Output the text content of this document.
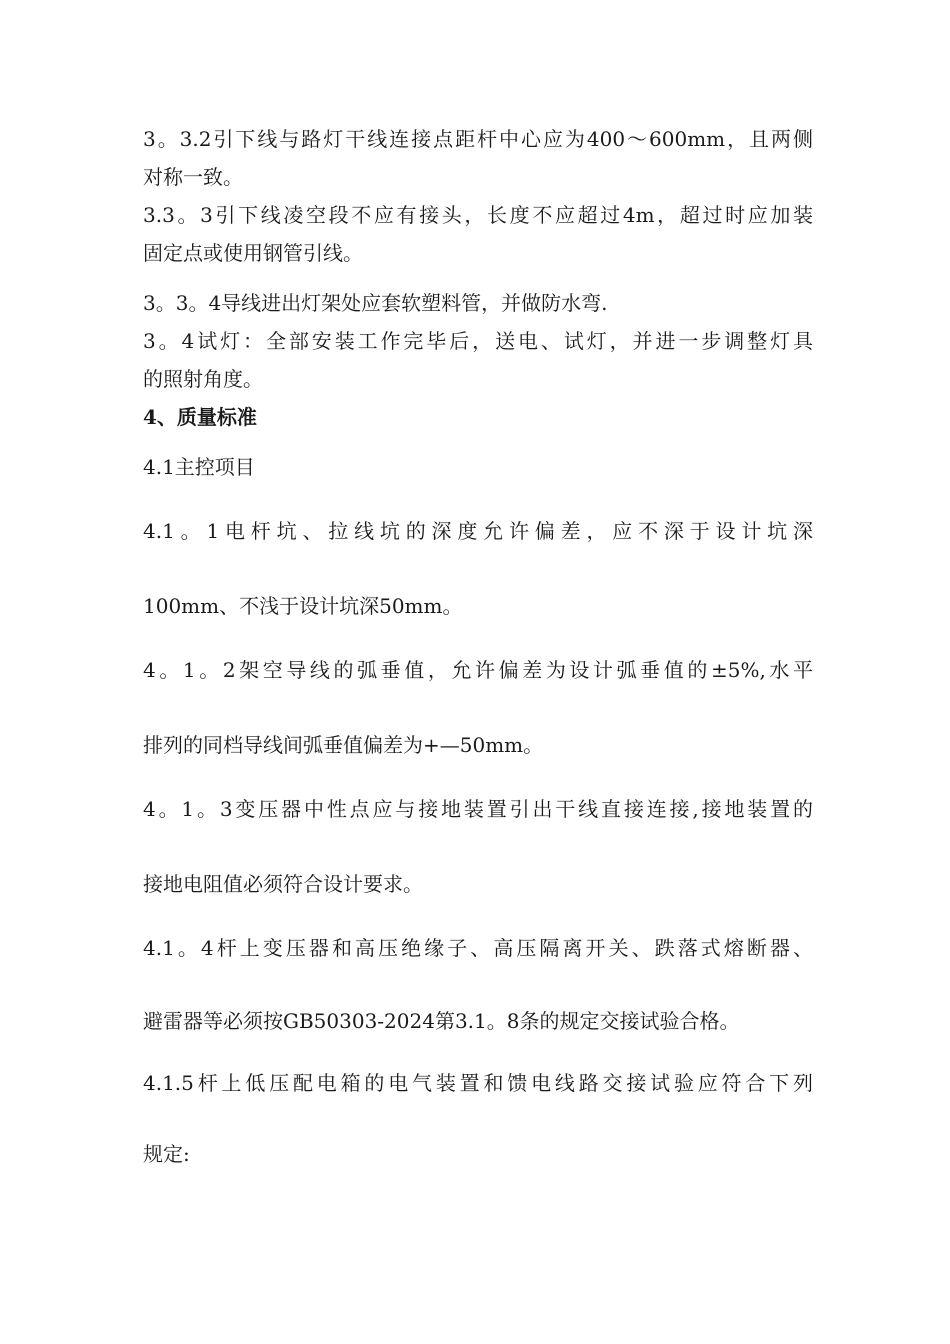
3。3.2引下线与路灯干线连接点距杆中心应为400～600mm，且两侧
对称一致。
3.3。3引下线凌空段不应有接头，长度不应超过4m，超过时应加装
固定点或使用钢管引线。
3。3。4导线进出灯架处应套软塑料管，并做防水弯.
3。4试灯：全部安装工作完毕后，送电、试灯，并进一步调整灯具
的照射角度。
4、质量标准
4.1主控项目
4.1。1电杆坑、拉线坑的深度允许偏差，应不深于设计坑深
100mm、不浅于设计坑深50mm。
4。1。2架空导线的弧垂值，允许偏差为设计弧垂值的±5%,水平
排列的同档导线间弧垂值偏差为+—50mm。
4。1。3变压器中性点应与接地装置引出干线直接连接,接地装置的
接地电阻值必须符合设计要求。
4.1。4杆上变压器和高压绝缘子、高压隔离开关、跌落式熔断器、
避雷器等必须按GB50303-2024第3.1。8条的规定交接试验合格。
4.1.5杆上低压配电箱的电气装置和馈电线路交接试验应符合下列
规定:
